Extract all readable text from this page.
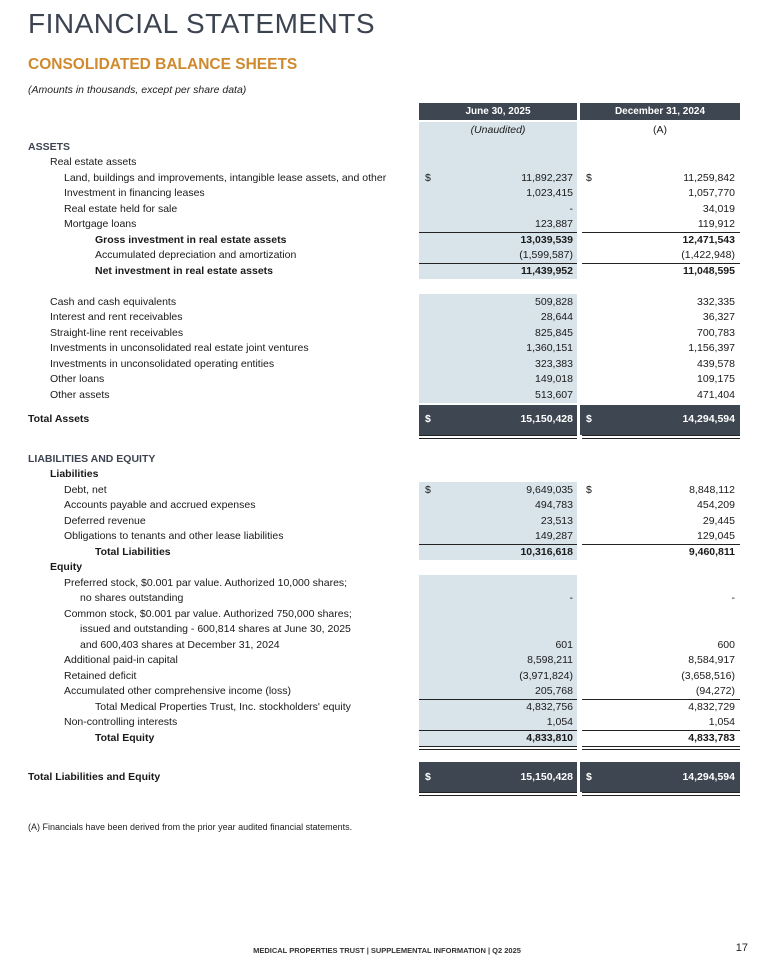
FINANCIAL STATEMENTS
CONSOLIDATED BALANCE SHEETS
(Amounts in thousands, except per share data)
June 30, 2025	December 31, 2024
(Unaudited)	(A)
ASSETS
Real estate assets
Land, buildings and improvements, intangible lease assets, and other	$	11,892,237 $	11,259,842
Investment in financing leases	1,023,415	1,057,770
Real estate held for sale	-	34,019
Mortgage loans	123,887	119,912
Gross investment in real estate assets	13,039,539	12,471,543
Accumulated depreciation and amortization	(1,599,587)	(1,422,948)
Net investment in real estate assets	11,439,952	11,048,595
Cash and cash equivalents	509,828	332,335
Interest and rent receivables	28,644	36,327
Straight-line rent receivables	825,845	700,783
Investments in unconsolidated real estate joint ventures	1,360,151	1,156,397
Investments in unconsolidated operating entities	323,383	439,578
Other loans	149,018	109,175
Other assets	513,607	471,404
Total Assets	$	15,150,428 $	14,294,594
LIABILITIES AND EQUITY
Liabilities
Debt, net	$	9,649,035 $	8,848,112
Accounts payable and accrued expenses	494,783	454,209
Deferred revenue	23,513	29,445
Obligations to tenants and other lease liabilities	149,287	129,045
Total Liabilities	10,316,618	9,460,811
Equity
Preferred stock, $0.001 par value. Authorized 10,000 shares;
no shares outstanding	-	-
Common stock, $0.001 par value. Authorized 750,000 shares;
issued and outstanding - 600,814 shares at June 30, 2025
and 600,403 shares at December 31, 2024	601	600
Additional paid-in capital	8,598,211	8,584,917
Retained deficit	(3,971,824)	(3,658,516)
Accumulated other comprehensive income (loss)	205,768	(94,272)
Total Medical Properties Trust, Inc. stockholders' equity	4,832,756	4,832,729
Non-controlling interests	1,054	1,054
Total Equity	4,833,810	4,833,783
Total Liabilities and Equity	$	15,150,428 $	14,294,594
(A) Financials have been derived from the prior year audited financial statements.
MEDICAL PROPERTIES TRUST | SUPPLEMENTAL INFORMATION | Q2 2025	17
